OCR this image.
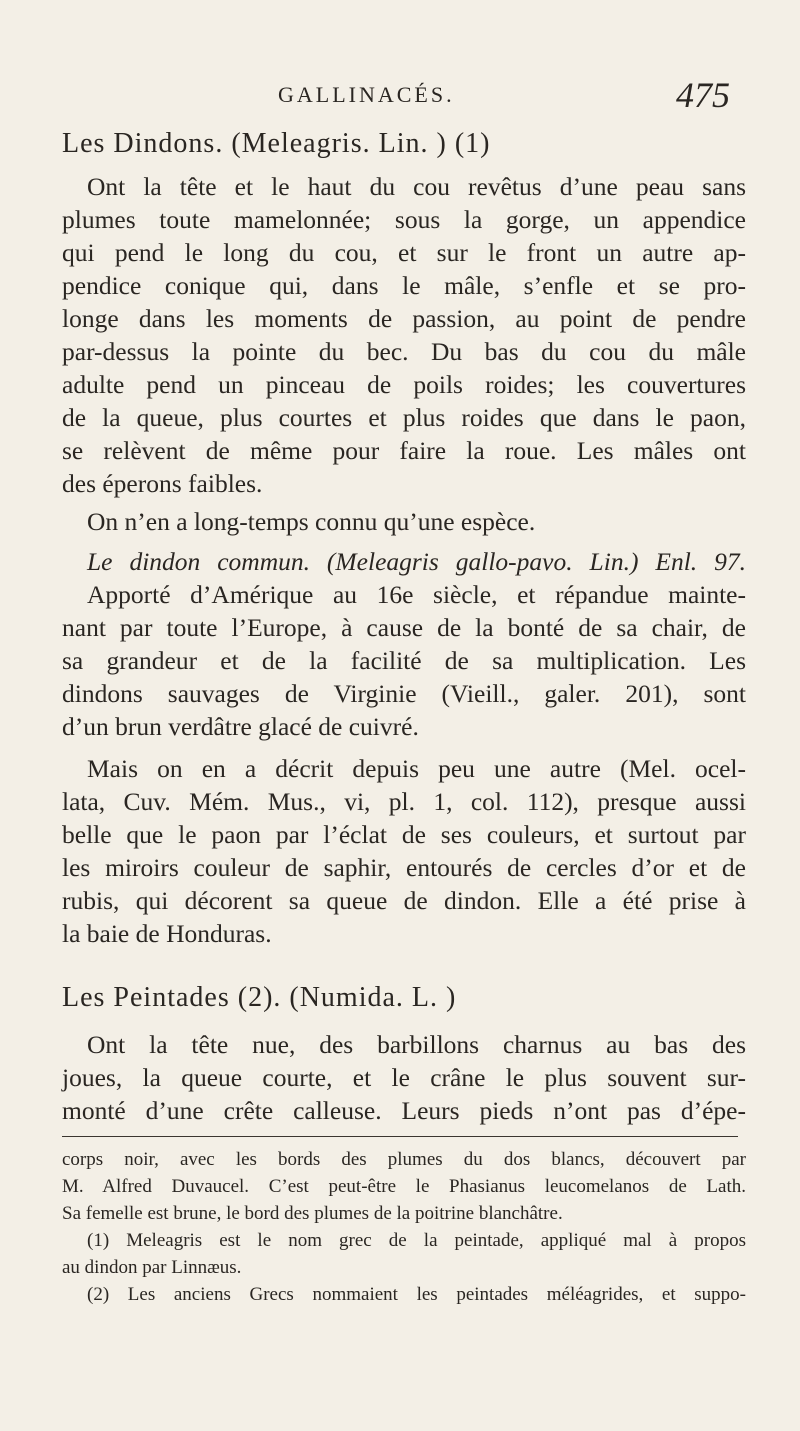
GALLINACÉS.	475
Les Dindons. (Meleagris. Lin. ) (1)
Ont la tête et le haut du cou revêtus d’une peau sans
plumes toute mamelonnée; sous la gorge, un appendice
qui pend le long du cou, et sur le front un autre ap-
pendice conique qui, dans le mâle, s’enfle et se pro-
longe dans les moments de passion, au point de pendre
par-dessus la pointe du bec. Du bas du cou du mâle
adulte pend un pinceau de poils roides; les couvertures
de la queue, plus courtes et plus roides que dans le paon,
se relèvent de même pour faire la roue. Les mâles ont
des éperons faibles.
On n’en a long-temps connu qu’une espèce.
Le dindon commun. (Meleagris gallo-pavo. Lin.) Enl. 97.
Apporté d’Amérique au 16e siècle, et répandue mainte-
nant par toute l’Europe, à cause de la bonté de sa chair, de
sa grandeur et de la facilité de sa multiplication. Les
dindons sauvages de Virginie (Vieill., galer. 201), sont
d’un brun verdâtre glacé de cuivré.
Mais on en a décrit depuis peu une autre (Mel. ocel-
lata, Cuv. Mém. Mus., vi, pl. 1, col. 112), presque aussi
belle que le paon par l’éclat de ses couleurs, et surtout par
les miroirs couleur de saphir, entourés de cercles d’or et de
rubis, qui décorent sa queue de dindon. Elle a été prise à
la baie de Honduras.
Les Peintades (2). (Numida. L. )
Ont la tête nue, des barbillons charnus au bas des
joues, la queue courte, et le crâne le plus souvent sur-
monté d’une crête calleuse. Leurs pieds n’ont pas d’épe-
corps noir, avec les bords des plumes du dos blancs, découvert par
M. Alfred Duvaucel. C’est peut-être le Phasianus leucomelanos de Lath.
Sa femelle est brune, le bord des plumes de la poitrine blanchâtre.
(1) Meleagris est le nom grec de la peintade, appliqué mal à propos
au dindon par Linnæus.
(2) Les anciens Grecs nommaient les peintades méléagrides, et suppo-
